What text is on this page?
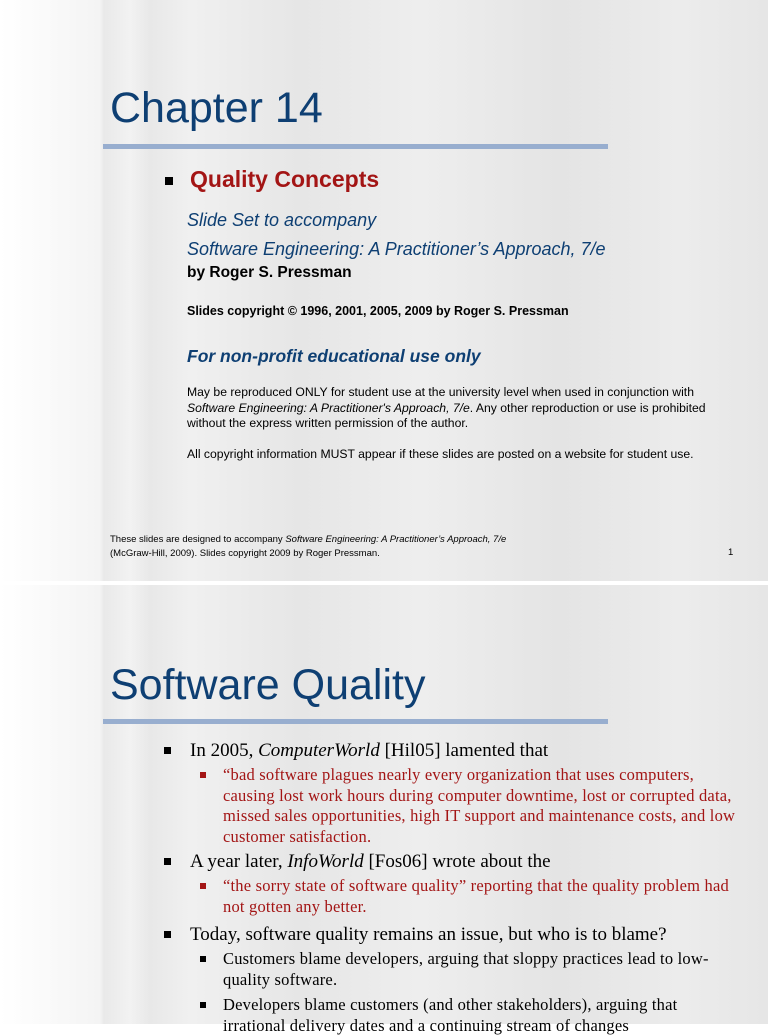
Chapter 14
Quality Concepts
Slide Set to accompany
Software Engineering: A Practitioner’s Approach, 7/e
by Roger S. Pressman
Slides copyright © 1996, 2001, 2005, 2009 by Roger S. Pressman
For non-profit educational use only
May be reproduced ONLY for student use at the university level when used in conjunction with Software Engineering: A Practitioner's Approach, 7/e. Any other reproduction or use is prohibited without the express written permission of the author.
All copyright information MUST appear if these slides are posted on a website for student use.
These slides are designed to accompany Software Engineering: A Practitioner’s Approach, 7/e
(McGraw-Hill, 2009). Slides copyright 2009 by Roger Pressman.	1
Software Quality
In 2005, ComputerWorld [Hil05] lamented that
“bad software plagues nearly every organization that uses computers, causing lost work hours during computer downtime, lost or corrupted data, missed sales opportunities, high IT support and maintenance costs, and low customer satisfaction.
A year later, InfoWorld [Fos06] wrote about the
“the sorry state of software quality” reporting that the quality problem had not gotten any better.
Today, software quality remains an issue, but who is to blame?
Customers blame developers, arguing that sloppy practices lead to low-quality software.
Developers blame customers (and other stakeholders), arguing that irrational delivery dates and a continuing stream of changes
